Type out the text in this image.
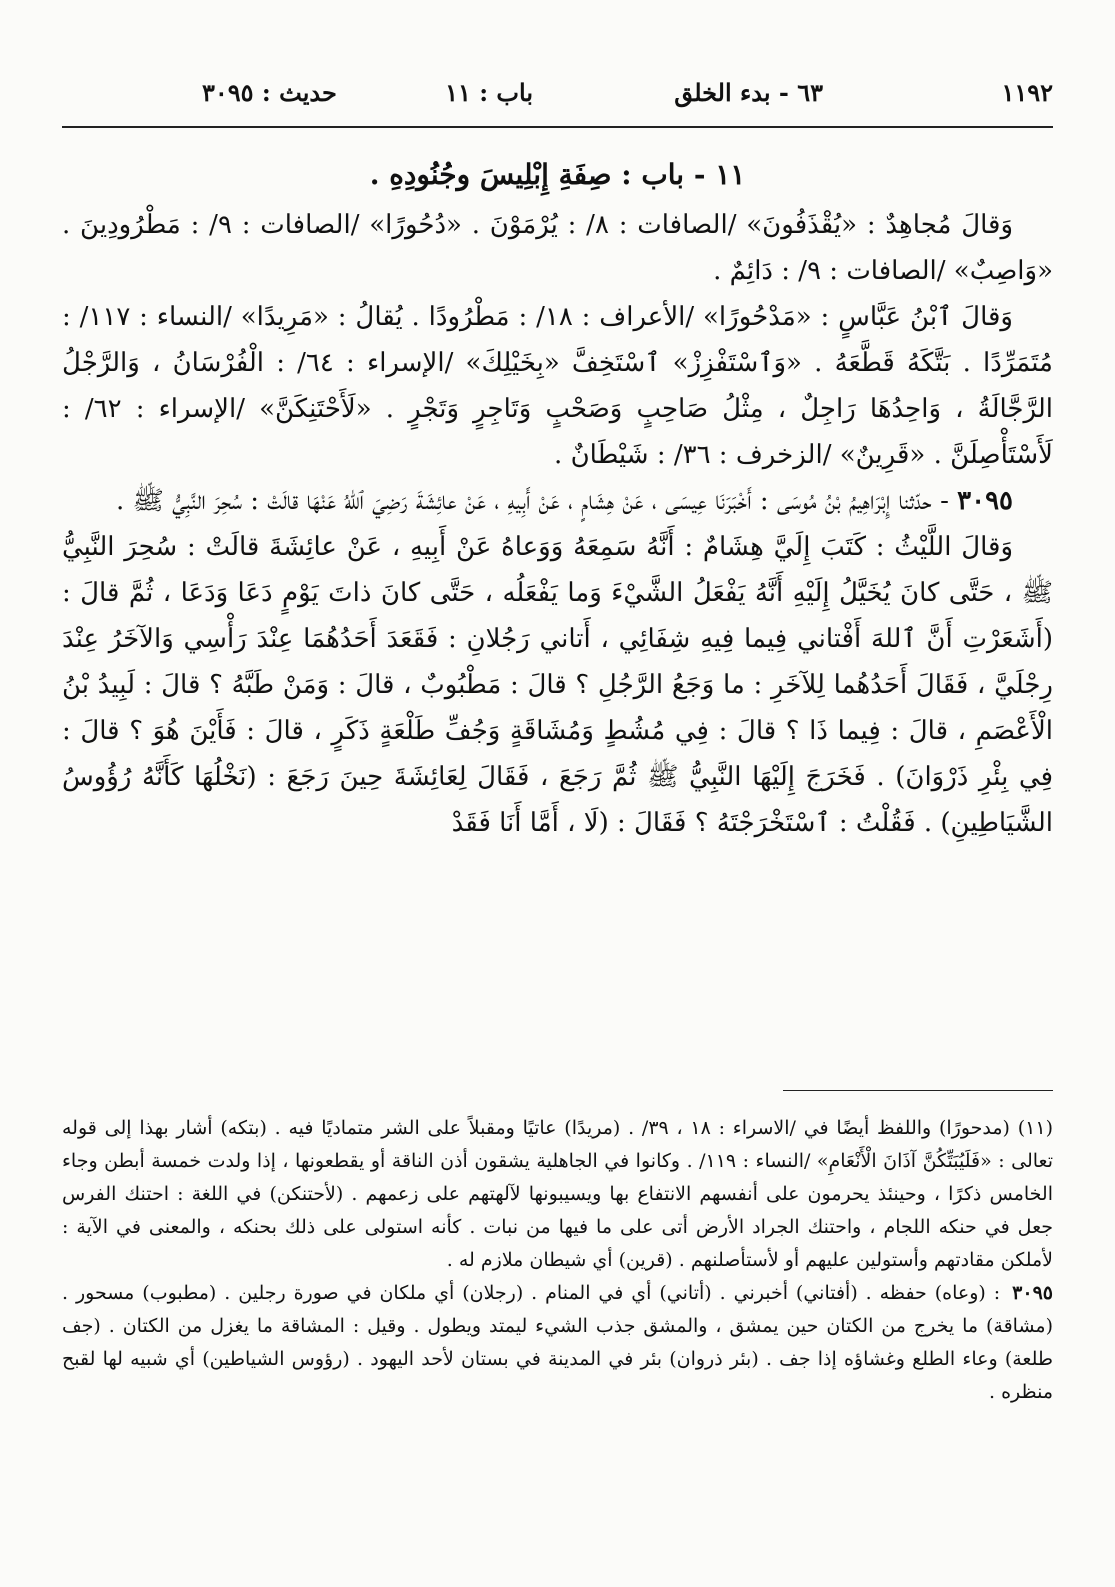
١١٩٢
٦٣ - بدء الخلق
باب : ١١
حديث : ٣٠٩٥

١١ - باب : صِفَةِ إِبْلِيسَ وجُنُودِهِ .

وَقالَ مُجاهِدٌ : «يُقْذَفُونَ» /الصافات : ٨/ : يُرْمَوْنَ . «دُحُورًا» /الصافات : ٩/ : مَطْرُودِينَ . «وَاصِبٌ» /الصافات : ٩/ : دَائِمٌ .

وَقالَ ٱبْنُ عَبَّاسٍ : «مَدْحُورًا» /الأعراف : ١٨/ : مَطْرُودًا . يُقالُ : «مَرِيدًا» /النساء : ١١٧/ : مُتَمَرِّدًا . بَتَّكَهُ قَطَّعَهُ . «وَٱسْتَفْزِزْ» ٱسْتَخِفَّ «بِخَيْلِكَ» /الإسراء : ٦٤/ : الْفُرْسَانُ ، وَالرَّجْلُ الرَّجَّالَةُ ، وَاحِدُهَا رَاجِلٌ ، مِثْلُ صَاحِبٍ وَصَحْبٍ وَتَاجِرٍ وَتَجْرٍ . «لَأَحْتَنِكَنَّ» /الإسراء : ٦٢/ : لَأَسْتَأْصِلَنَّ . «قَرِينٌ» /الزخرف : ٣٦/ : شَيْطَانٌ .

٣٠٩٥ - حدّثنا إِبْرَاهِيمُ بْنُ مُوسَى : أَخْبَرَنَا عِيسَى ، عَنْ هِشَامٍ ، عَنْ أَبِيهِ ، عَنْ عائِشَةَ رَضِيَ ٱللهُ عَنْهَا قالَتْ : سُحِرَ النَّبِيُّ ﷺ .

وَقالَ اللَّيْثُ : كَتَبَ إِلَيَّ هِشَامٌ : أَنَّهُ سَمِعَهُ وَوَعاهُ عَنْ أَبِيهِ ، عَنْ عائِشَةَ قالَتْ : سُحِرَ النَّبِيُّ ﷺ ، حَتَّى كانَ يُخَيَّلُ إِلَيْهِ أَنَّهُ يَفْعَلُ الشَّيْءَ وَما يَفْعَلُه ، حَتَّى كانَ ذاتَ يَوْمٍ دَعَا وَدَعَا ، ثُمَّ قالَ : (أَشَعَرْتِ أَنَّ ٱللهَ أَفْتاني فِيما فِيهِ شِفَائِي ، أَتاني رَجُلانِ : فَقَعَدَ أَحَدُهُمَا عِنْدَ رَأْسِي وَالآخَرُ عِنْدَ رِجْلَيَّ ، فَقَالَ أَحَدُهُما لِلآخَرِ : ما وَجَعُ الرَّجُلِ ؟ قالَ : مَطْبُوبٌ ، قالَ : وَمَنْ طَبَّهُ ؟ قالَ : لَبِيدُ بْنُ الْأَعْصَمِ ، قالَ : فِيما ذَا ؟ قالَ : فِي مُشُطٍ وَمُشَاقَةٍ وَجُفِّ طَلْعَةٍ ذَكَرٍ ، قالَ : فَأَيْنَ هُوَ ؟ قالَ : فِي بِئْرِ ذَرْوَانَ) . فَخَرَجَ إِلَيْهَا النَّبِيُّ ﷺ ثُمَّ رَجَعَ ، فَقَالَ لِعَائِشَةَ حِينَ رَجَعَ : (نَخْلُهَا كَأَنَّهُ رُؤُوسُ الشَّيَاطِينِ) . فَقُلْتُ : ٱسْتَخْرَجْتَهُ ؟ فَقَالَ : (لَا ، أَمَّا أَنَا فَقَدْ

(١١) (مدحورًا) واللفظ أيضًا في /الاسراء : ١٨ ، ٣٩/ . (مريدًا) عاتيًا ومقبلاً على الشر متماديًا فيه . (بتكه) أشار بهذا إلى قوله تعالى : «فَلَيُبَتِّكُنَّ آذَانَ الْأَنْعَامِ» /النساء : ١١٩/ . وكانوا في الجاهلية يشقون أذن الناقة أو يقطعونها ، إذا ولدت خمسة أبطن وجاء الخامس ذكرًا ، وحينئذ يحرمون على أنفسهم الانتفاع بها ويسيبونها لآلهتهم على زعمهم . (لأحتنكن) في اللغة : احتنك الفرس جعل في حنكه اللجام ، واحتنك الجراد الأرض أتى على ما فيها من نبات . كأنه استولى على ذلك بحنكه ، والمعنى في الآية : لأملكن مقادتهم وأستولين عليهم أو لأستأصلنهم . (قرين) أي شيطان ملازم له .

٣٠٩٥: (وعاه) حفظه . (أفتاني) أخبرني . (أتاني) أي في المنام . (رجلان) أي ملكان في صورة رجلين . (مطبوب) مسحور . (مشاقة) ما يخرج من الكتان حين يمشق ، والمشق جذب الشيء ليمتد ويطول . وقيل : المشاقة ما يغزل من الكتان . (جف طلعة) وعاء الطلع وغشاؤه إذا جف . (بئر ذروان) بئر في المدينة في بستان لأحد اليهود . (رؤوس الشياطين) أي شبيه لها لقبح منظره .
